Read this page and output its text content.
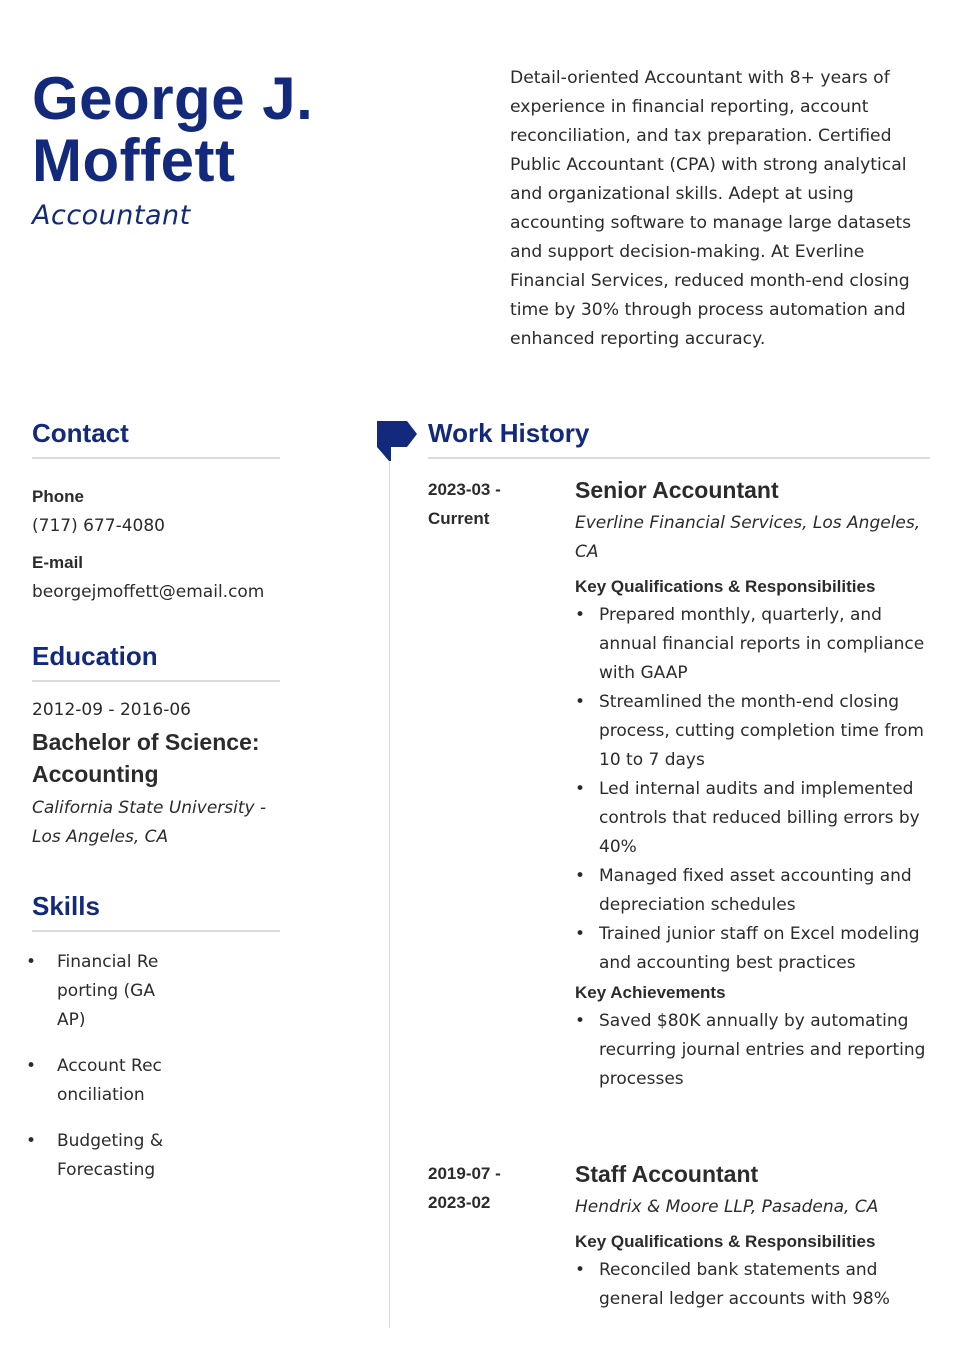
George J. Moffett
Accountant

Detail-oriented Accountant with 8+ years of experience in financial reporting, account reconciliation, and tax preparation. Certified Public Accountant (CPA) with strong analytical and organizational skills. Adept at using accounting software to manage large datasets and support decision-making. At Everline Financial Services, reduced month-end closing time by 30% through process automation and enhanced reporting accuracy.

Contact
Phone
(717) 677-4080
E-mail
beorgejmoffett@email.com
Education
2012-09 - 2016-06
Bachelor of Science: Accounting
California State University - Los Angeles, CA
Skills
• Financial Reporting (GAAP)
• Account Reconciliation
• Budgeting & Forecasting
Work History
2023-03 - Current
Senior Accountant
Everline Financial Services, Los Angeles, CA
Key Qualifications & Responsibilities
• Prepared monthly, quarterly, and annual financial reports in compliance with GAAP
• Streamlined the month-end closing process, cutting completion time from 10 to 7 days
• Led internal audits and implemented controls that reduced billing errors by 40%
• Managed fixed asset accounting and depreciation schedules
• Trained junior staff on Excel modeling and accounting best practices
Key Achievements
• Saved $80K annually by automating recurring journal entries and reporting processes
2019-07 - 2023-02
Staff Accountant
Hendrix & Moore LLP, Pasadena, CA
Key Qualifications & Responsibilities
• Reconciled bank statements and general ledger accounts with 98%
